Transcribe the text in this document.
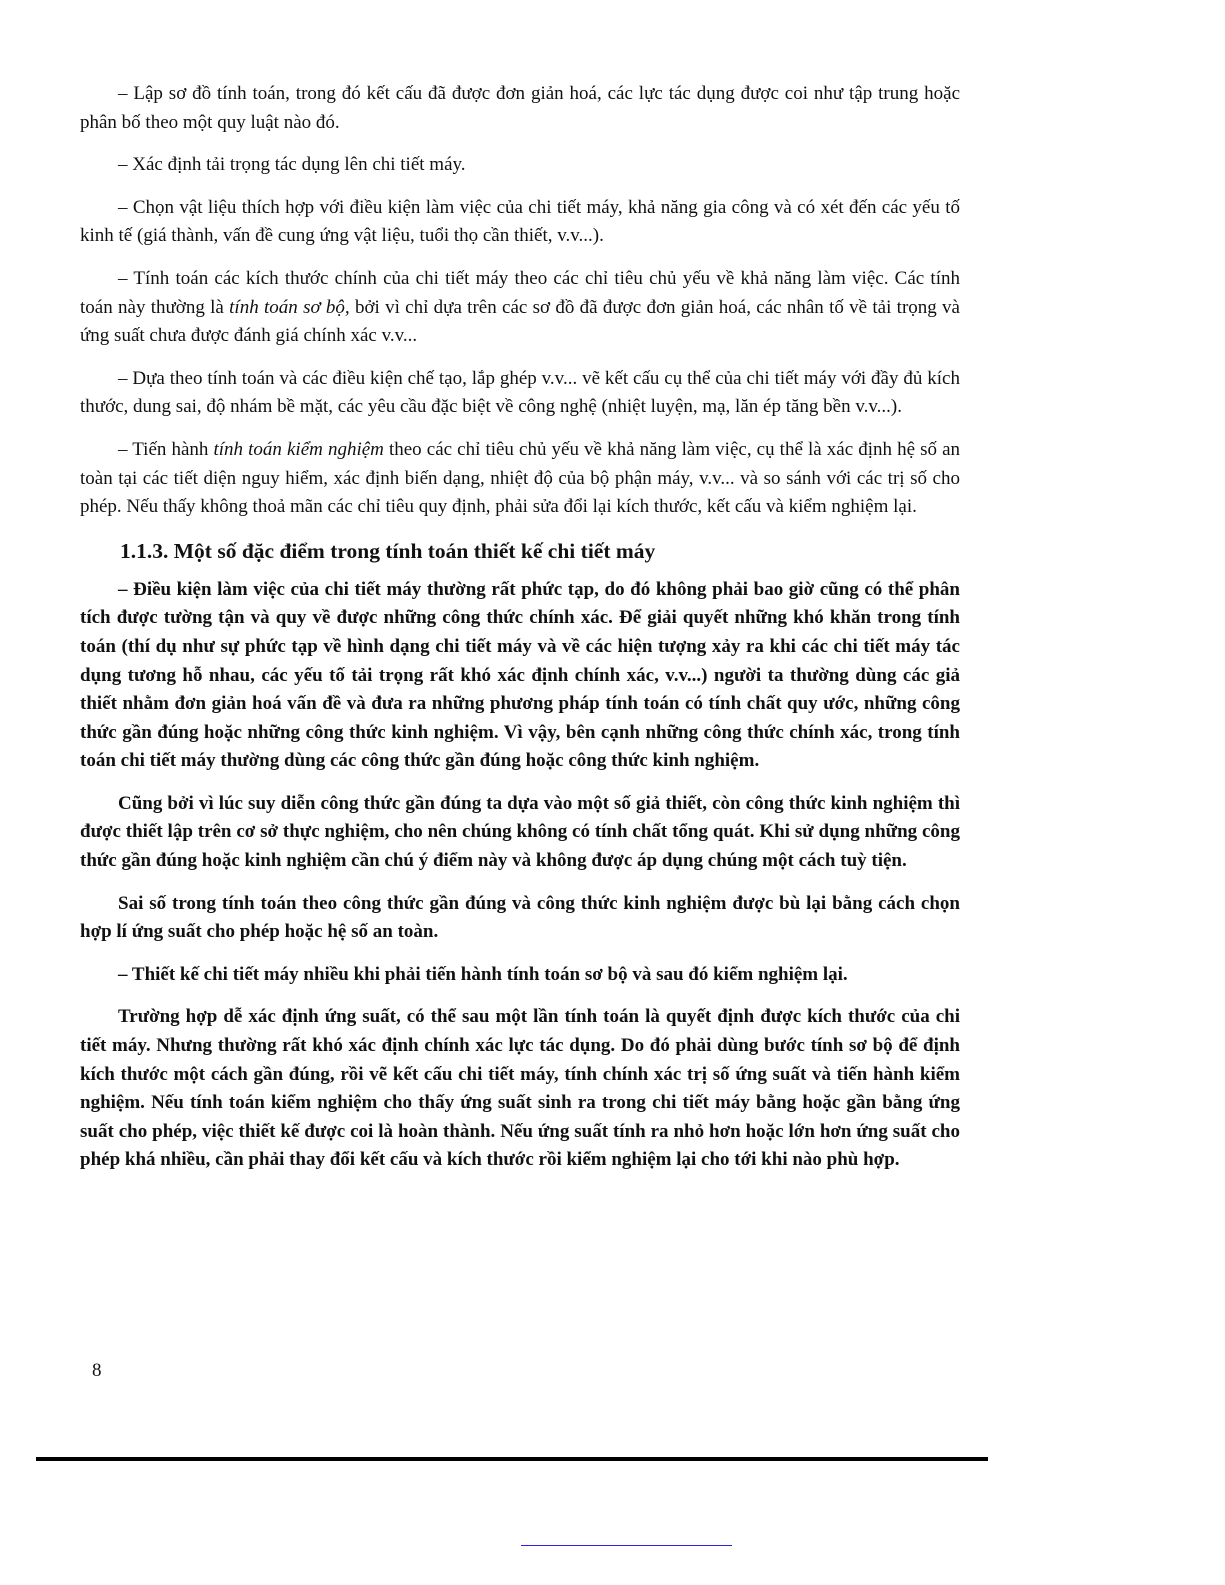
– Lập sơ đồ tính toán, trong đó kết cấu đã được đơn giản hoá, các lực tác dụng được coi như tập trung hoặc phân bố theo một quy luật nào đó.

– Xác định tải trọng tác dụng lên chi tiết máy.

– Chọn vật liệu thích hợp với điều kiện làm việc của chi tiết máy, khả năng gia công và có xét đến các yếu tố kinh tế (giá thành, vấn đề cung ứng vật liệu, tuổi thọ cần thiết, v.v...).

– Tính toán các kích thước chính của chi tiết máy theo các chỉ tiêu chủ yếu về khả năng làm việc. Các tính toán này thường là tính toán sơ bộ, bởi vì chỉ dựa trên các sơ đồ đã được đơn giản hoá, các nhân tố về tải trọng và ứng suất chưa được đánh giá chính xác v.v...

– Dựa theo tính toán và các điều kiện chế tạo, lắp ghép v.v... vẽ kết cấu cụ thể của chi tiết máy với đầy đủ kích thước, dung sai, độ nhám bề mặt, các yêu cầu đặc biệt về công nghệ (nhiệt luyện, mạ, lăn ép tăng bền v.v...).

– Tiến hành tính toán kiểm nghiệm theo các chỉ tiêu chủ yếu về khả năng làm việc, cụ thể là xác định hệ số an toàn tại các tiết diện nguy hiểm, xác định biến dạng, nhiệt độ của bộ phận máy, v.v... và so sánh với các trị số cho phép. Nếu thấy không thoả mãn các chỉ tiêu quy định, phải sửa đổi lại kích thước, kết cấu và kiểm nghiệm lại.

1.1.3. Một số đặc điểm trong tính toán thiết kế chi tiết máy

– Điều kiện làm việc của chi tiết máy thường rất phức tạp, do đó không phải bao giờ cũng có thể phân tích được tường tận và quy về được những công thức chính xác. Để giải quyết những khó khăn trong tính toán (thí dụ như sự phức tạp về hình dạng chi tiết máy và về các hiện tượng xảy ra khi các chi tiết máy tác dụng tương hỗ nhau, các yếu tố tải trọng rất khó xác định chính xác, v.v...) người ta thường dùng các giả thiết nhằm đơn giản hoá vấn đề và đưa ra những phương pháp tính toán có tính chất quy ước, những công thức gần đúng hoặc những công thức kinh nghiệm. Vì vậy, bên cạnh những công thức chính xác, trong tính toán chi tiết máy thường dùng các công thức gần đúng hoặc công thức kinh nghiệm.

Cũng bởi vì lúc suy diễn công thức gần đúng ta dựa vào một số giả thiết, còn công thức kinh nghiệm thì được thiết lập trên cơ sở thực nghiệm, cho nên chúng không có tính chất tổng quát. Khi sử dụng những công thức gần đúng hoặc kinh nghiệm cần chú ý điểm này và không được áp dụng chúng một cách tuỳ tiện.

Sai số trong tính toán theo công thức gần đúng và công thức kinh nghiệm được bù lại bằng cách chọn hợp lí ứng suất cho phép hoặc hệ số an toàn.

– Thiết kế chi tiết máy nhiều khi phải tiến hành tính toán sơ bộ và sau đó kiểm nghiệm lại.

Trường hợp dễ xác định ứng suất, có thể sau một lần tính toán là quyết định được kích thước của chi tiết máy. Nhưng thường rất khó xác định chính xác lực tác dụng. Do đó phải dùng bước tính sơ bộ để định kích thước một cách gần đúng, rồi vẽ kết cấu chi tiết máy, tính chính xác trị số ứng suất và tiến hành kiểm nghiệm. Nếu tính toán kiểm nghiệm cho thấy ứng suất sinh ra trong chi tiết máy bằng hoặc gần bằng ứng suất cho phép, việc thiết kế được coi là hoàn thành. Nếu ứng suất tính ra nhỏ hơn hoặc lớn hơn ứng suất cho phép khá nhiều, cần phải thay đổi kết cấu và kích thước rồi kiểm nghiệm lại cho tới khi nào phù hợp.

8
